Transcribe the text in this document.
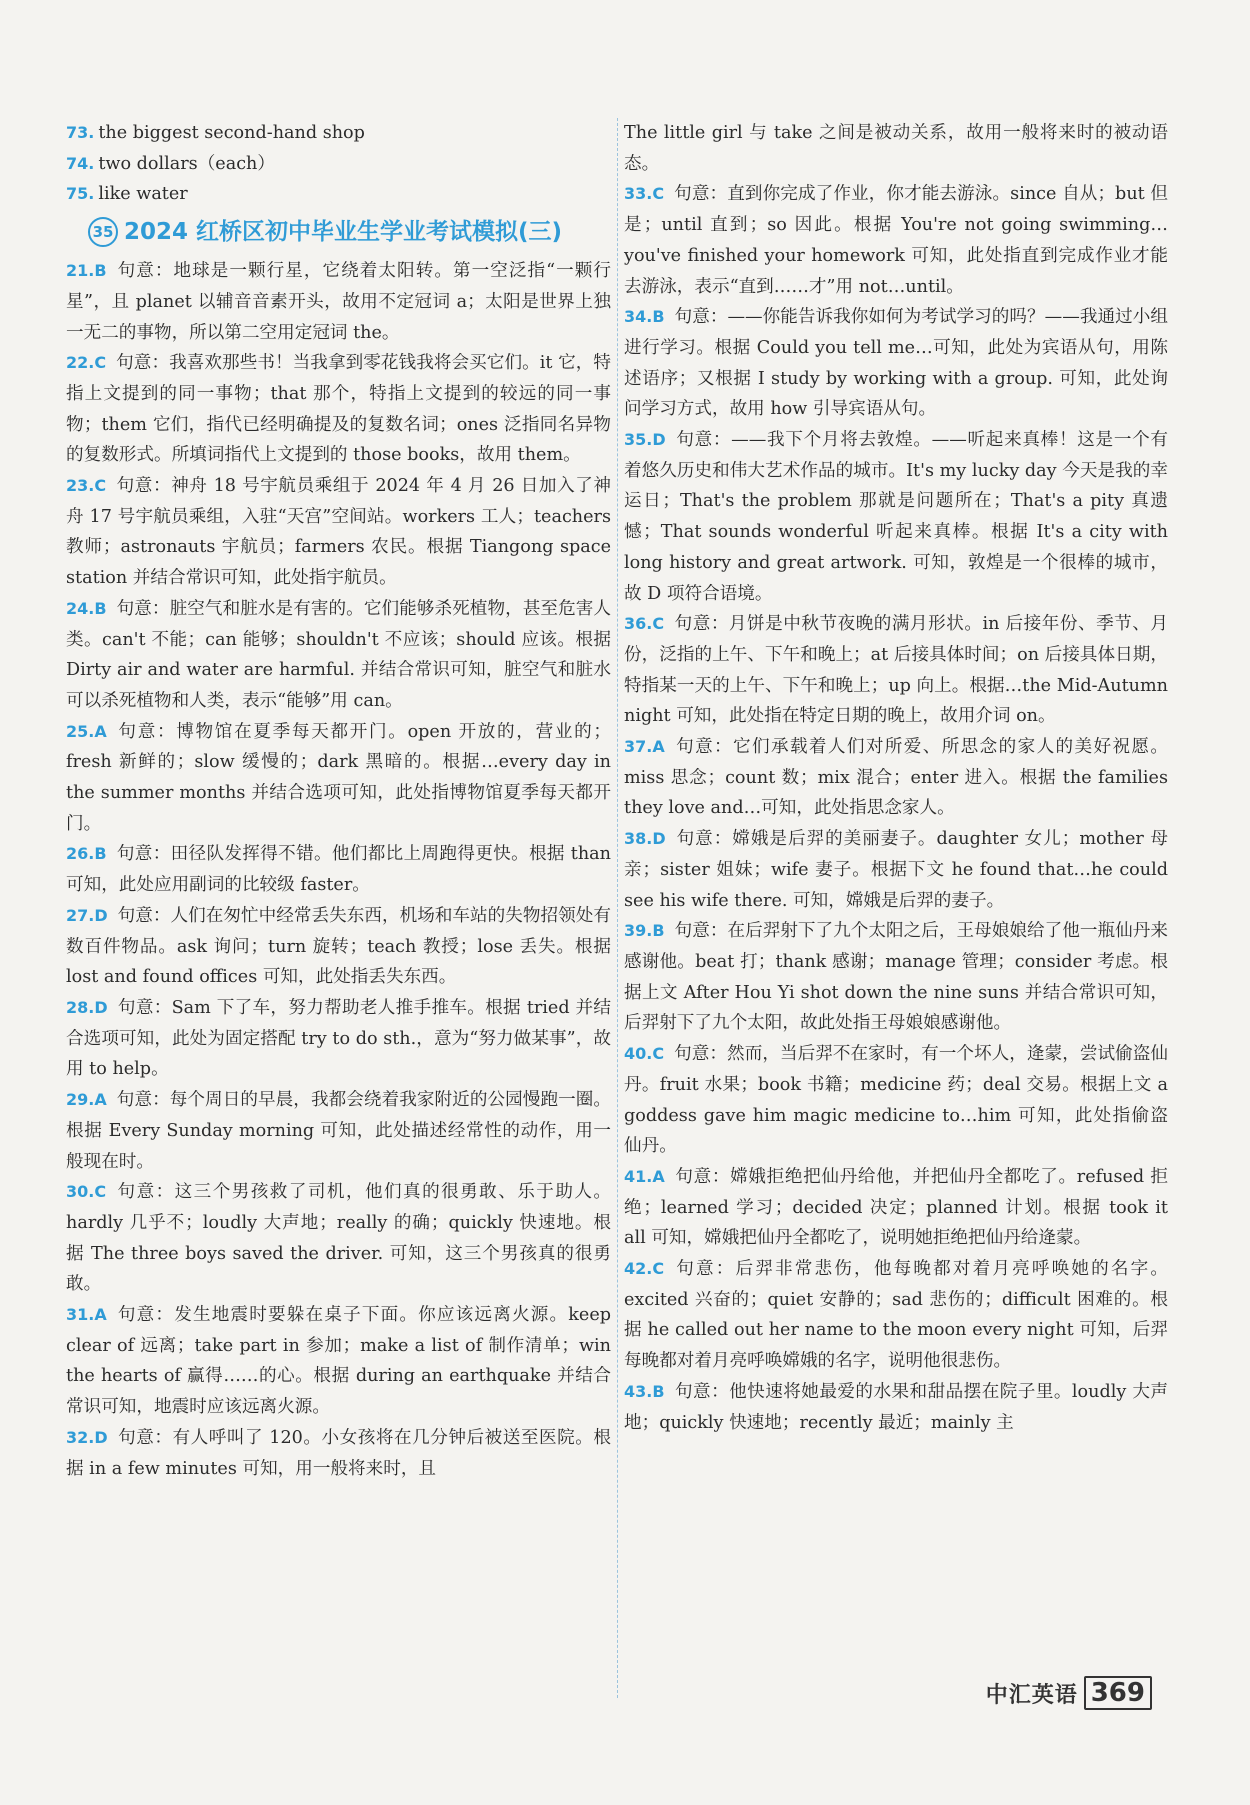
73. the biggest second-hand shop

74. two dollars（each）

75. like water

35 2024 红桥区初中毕业生学业考试模拟(三)

21.B 句意：地球是一颗行星，它绕着太阳转。第一空泛指“一颗行星”，且 planet 以辅音音素开头，故用不定冠词 a；太阳是世界上独一无二的事物，所以第二空用定冠词 the。

22.C 句意：我喜欢那些书！当我拿到零花钱我将会买它们。it 它，特指上文提到的同一事物；that 那个，特指上文提到的较远的同一事物；them 它们，指代已经明确提及的复数名词；ones 泛指同名异物的复数形式。所填词指代上文提到的 those books，故用 them。

23.C 句意：神舟 18 号宇航员乘组于 2024 年 4 月 26 日加入了神舟 17 号宇航员乘组，入驻“天宫”空间站。workers 工人；teachers 教师；astronauts 宇航员；farmers 农民。根据 Tiangong space station 并结合常识可知，此处指宇航员。

24.B 句意：脏空气和脏水是有害的。它们能够杀死植物，甚至危害人类。can't 不能；can 能够；shouldn't 不应该；should 应该。根据 Dirty air and water are harmful. 并结合常识可知，脏空气和脏水可以杀死植物和人类，表示“能够”用 can。

25.A 句意：博物馆在夏季每天都开门。open 开放的，营业的；fresh 新鲜的；slow 缓慢的；dark 黑暗的。根据…every day in the summer months 并结合选项可知，此处指博物馆夏季每天都开门。

26.B 句意：田径队发挥得不错。他们都比上周跑得更快。根据 than 可知，此处应用副词的比较级 faster。

27.D 句意：人们在匆忙中经常丢失东西，机场和车站的失物招领处有数百件物品。ask 询问；turn 旋转；teach 教授；lose 丢失。根据 lost and found offices 可知，此处指丢失东西。

28.D 句意：Sam 下了车，努力帮助老人推手推车。根据 tried 并结合选项可知，此处为固定搭配 try to do sth.，意为“努力做某事”，故用 to help。

29.A 句意：每个周日的早晨，我都会绕着我家附近的公园慢跑一圈。根据 Every Sunday morning 可知，此处描述经常性的动作，用一般现在时。

30.C 句意：这三个男孩救了司机，他们真的很勇敢、乐于助人。hardly 几乎不；loudly 大声地；really 的确；quickly 快速地。根据 The three boys saved the driver. 可知，这三个男孩真的很勇敢。

31.A 句意：发生地震时要躲在桌子下面。你应该远离火源。keep clear of 远离；take part in 参加；make a list of 制作清单；win the hearts of 赢得……的心。根据 during an earthquake 并结合常识可知，地震时应该远离火源。

32.D 句意：有人呼叫了 120。小女孩将在几分钟后被送至医院。根据 in a few minutes 可知，用一般将来时，且

The little girl 与 take 之间是被动关系，故用一般将来时的被动语态。

33.C 句意：直到你完成了作业，你才能去游泳。since 自从；but 但是；until 直到；so 因此。根据 You're not going swimming…you've finished your homework 可知，此处指直到完成作业才能去游泳，表示“直到……才”用 not…until。

34.B 句意：——你能告诉我你如何为考试学习的吗？——我通过小组进行学习。根据 Could you tell me…可知，此处为宾语从句，用陈述语序；又根据 I study by working with a group. 可知，此处询问学习方式，故用 how 引导宾语从句。

35.D 句意：——我下个月将去敦煌。——听起来真棒！这是一个有着悠久历史和伟大艺术作品的城市。It's my lucky day 今天是我的幸运日；That's the problem 那就是问题所在；That's a pity 真遗憾；That sounds wonderful 听起来真棒。根据 It's a city with long history and great artwork. 可知，敦煌是一个很棒的城市，故 D 项符合语境。

36.C 句意：月饼是中秋节夜晚的满月形状。in 后接年份、季节、月份，泛指的上午、下午和晚上；at 后接具体时间；on 后接具体日期，特指某一天的上午、下午和晚上；up 向上。根据…the Mid-Autumn night 可知，此处指在特定日期的晚上，故用介词 on。

37.A 句意：它们承载着人们对所爱、所思念的家人的美好祝愿。miss 思念；count 数；mix 混合；enter 进入。根据 the families they love and…可知，此处指思念家人。

38.D 句意：嫦娥是后羿的美丽妻子。daughter 女儿；mother 母亲；sister 姐妹；wife 妻子。根据下文 he found that…he could see his wife there. 可知，嫦娥是后羿的妻子。

39.B 句意：在后羿射下了九个太阳之后，王母娘娘给了他一瓶仙丹来感谢他。beat 打；thank 感谢；manage 管理；consider 考虑。根据上文 After Hou Yi shot down the nine suns 并结合常识可知，后羿射下了九个太阳，故此处指王母娘娘感谢他。

40.C 句意：然而，当后羿不在家时，有一个坏人，逄蒙，尝试偷盗仙丹。fruit 水果；book 书籍；medicine 药；deal 交易。根据上文 a goddess gave him magic medicine to…him 可知，此处指偷盗仙丹。

41.A 句意：嫦娥拒绝把仙丹给他，并把仙丹全都吃了。refused 拒绝；learned 学习；decided 决定；planned 计划。根据 took it all 可知，嫦娥把仙丹全都吃了，说明她拒绝把仙丹给逄蒙。

42.C 句意：后羿非常悲伤，他每晚都对着月亮呼唤她的名字。excited 兴奋的；quiet 安静的；sad 悲伤的；difficult 困难的。根据 he called out her name to the moon every night 可知，后羿每晚都对着月亮呼唤嫦娥的名字，说明他很悲伤。

43.B 句意：他快速将她最爱的水果和甜品摆在院子里。loudly 大声地；quickly 快速地；recently 最近；mainly 主

中汇英语 369
